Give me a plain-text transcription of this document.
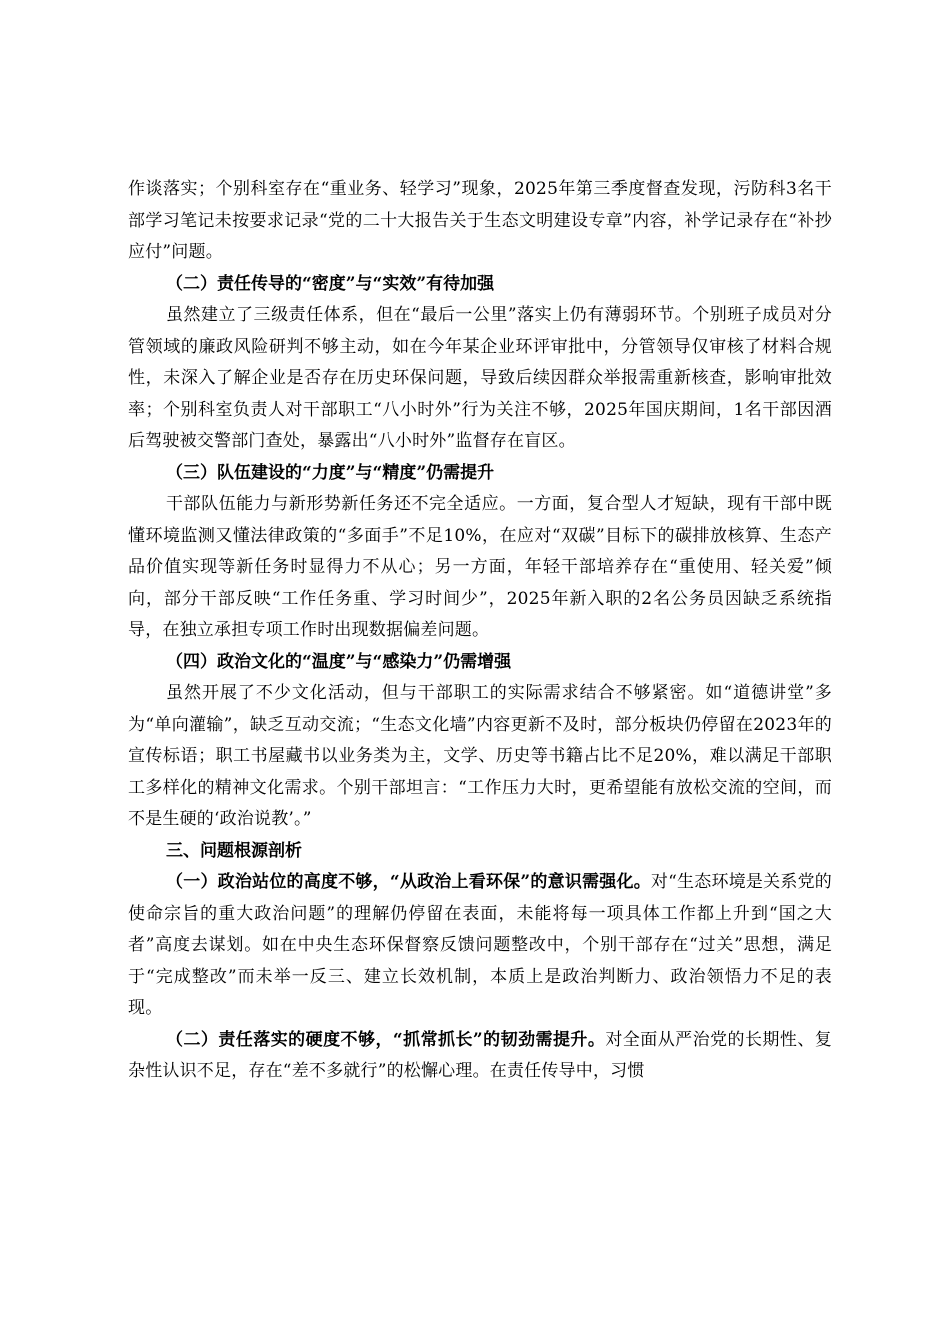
作谈落实；个别科室存在“重业务、轻学习”现象，2025年第三季度督查发现，污防科3名干部学习笔记未按要求记录“党的二十大报告关于生态文明建设专章”内容，补学记录存在“补抄应付”问题。

（二）责任传导的“密度”与“实效”有待加强

虽然建立了三级责任体系，但在“最后一公里”落实上仍有薄弱环节。个别班子成员对分管领域的廉政风险研判不够主动，如在今年某企业环评审批中，分管领导仅审核了材料合规性，未深入了解企业是否存在历史环保问题，导致后续因群众举报需重新核查，影响审批效率；个别科室负责人对干部职工“八小时外”行为关注不够，2025年国庆期间，1名干部因酒后驾驶被交警部门查处，暴露出“八小时外”监督存在盲区。

（三）队伍建设的“力度”与“精度”仍需提升

干部队伍能力与新形势新任务还不完全适应。一方面，复合型人才短缺，现有干部中既懂环境监测又懂法律政策的“多面手”不足10%，在应对“双碳”目标下的碳排放核算、生态产品价值实现等新任务时显得力不从心；另一方面，年轻干部培养存在“重使用、轻关爱”倾向，部分干部反映“工作任务重、学习时间少”，2025年新入职的2名公务员因缺乏系统指导，在独立承担专项工作时出现数据偏差问题。

（四）政治文化的“温度”与“感染力”仍需增强

虽然开展了不少文化活动，但与干部职工的实际需求结合不够紧密。如“道德讲堂”多为“单向灌输”，缺乏互动交流；“生态文化墙”内容更新不及时，部分板块仍停留在2023年的宣传标语；职工书屋藏书以业务类为主，文学、历史等书籍占比不足20%，难以满足干部职工多样化的精神文化需求。个别干部坦言：“工作压力大时，更希望能有放松交流的空间，而不是生硬的‘政治说教’。”

三、问题根源剖析

（一）政治站位的高度不够，“从政治上看环保”的意识需强化。对“生态环境是关系党的使命宗旨的重大政治问题”的理解仍停留在表面，未能将每一项具体工作都上升到“国之大者”高度去谋划。如在中央生态环保督察反馈问题整改中，个别干部存在“过关”思想，满足于“完成整改”而未举一反三、建立长效机制，本质上是政治判断力、政治领悟力不足的表现。

（二）责任落实的硬度不够，“抓常抓长”的韧劲需提升。对全面从严治党的长期性、复杂性认识不足，存在“差不多就行”的松懈心理。在责任传导中，习惯
